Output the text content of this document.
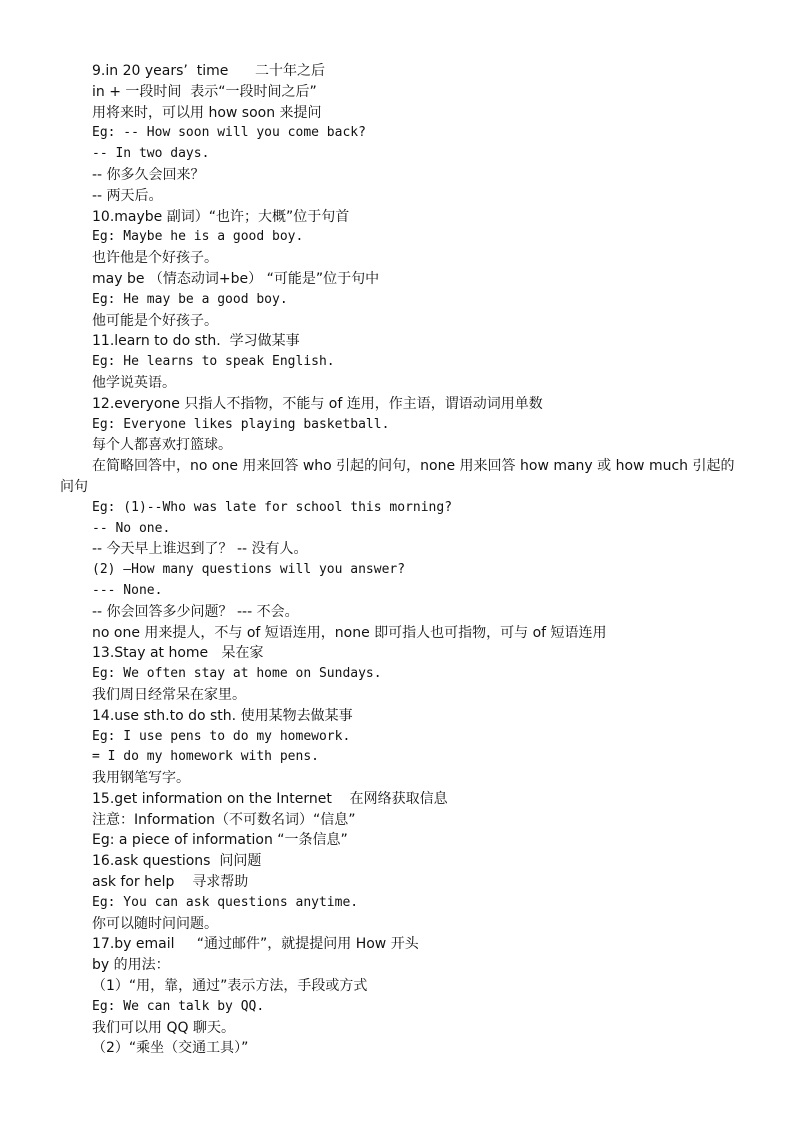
9.in 20 years’  time      二十年之后
in + 一段时间  表示“一段时间之后”
用将来时，可以用 how soon 来提问
Eg: -- How soon will you come back?
-- In two days.
-- 你多久会回来？
-- 两天后。
10.maybe 副词）“也许；大概”位于句首
Eg: Maybe he is a good boy.
也许他是个好孩子。
may be （情态动词+be） “可能是”位于句中
Eg: He may be a good boy.
他可能是个好孩子。
11.learn to do sth.  学习做某事
Eg: He learns to speak English.
他学说英语。
12.everyone 只指人不指物，不能与 of 连用，作主语，谓语动词用单数
Eg: Everyone likes playing basketball.
每个人都喜欢打篮球。
在简略回答中，no one 用来回答 who 引起的问句，none 用来回答 how many 或 how much 引起的问句
Eg: (1)--Who was late for school this morning?
-- No one.
-- 今天早上谁迟到了？ -- 没有人。
(2) –How many questions will you answer?
--- None.
-- 你会回答多少问题？ --- 不会。
no one 用来提人，不与 of 短语连用，none 即可指人也可指物，可与 of 短语连用
13.Stay at home   呆在家
Eg: We often stay at home on Sundays.
我们周日经常呆在家里。
14.use sth.to do sth. 使用某物去做某事
Eg: I use pens to do my homework.
= I do my homework with pens.
我用钢笔写字。
15.get information on the Internet    在网络获取信息
注意：Information（不可数名词）“信息”
Eg: a piece of information “一条信息”
16.ask questions  问问题
ask for help    寻求帮助
Eg: You can ask questions anytime.
你可以随时问问题。
17.by email     “通过邮件”，就提提问用 How 开头
by 的用法：
（1）“用，靠，通过”表示方法，手段或方式
Eg: We can talk by QQ.
我们可以用 QQ 聊天。
（2）“乘坐（交通工具）”
